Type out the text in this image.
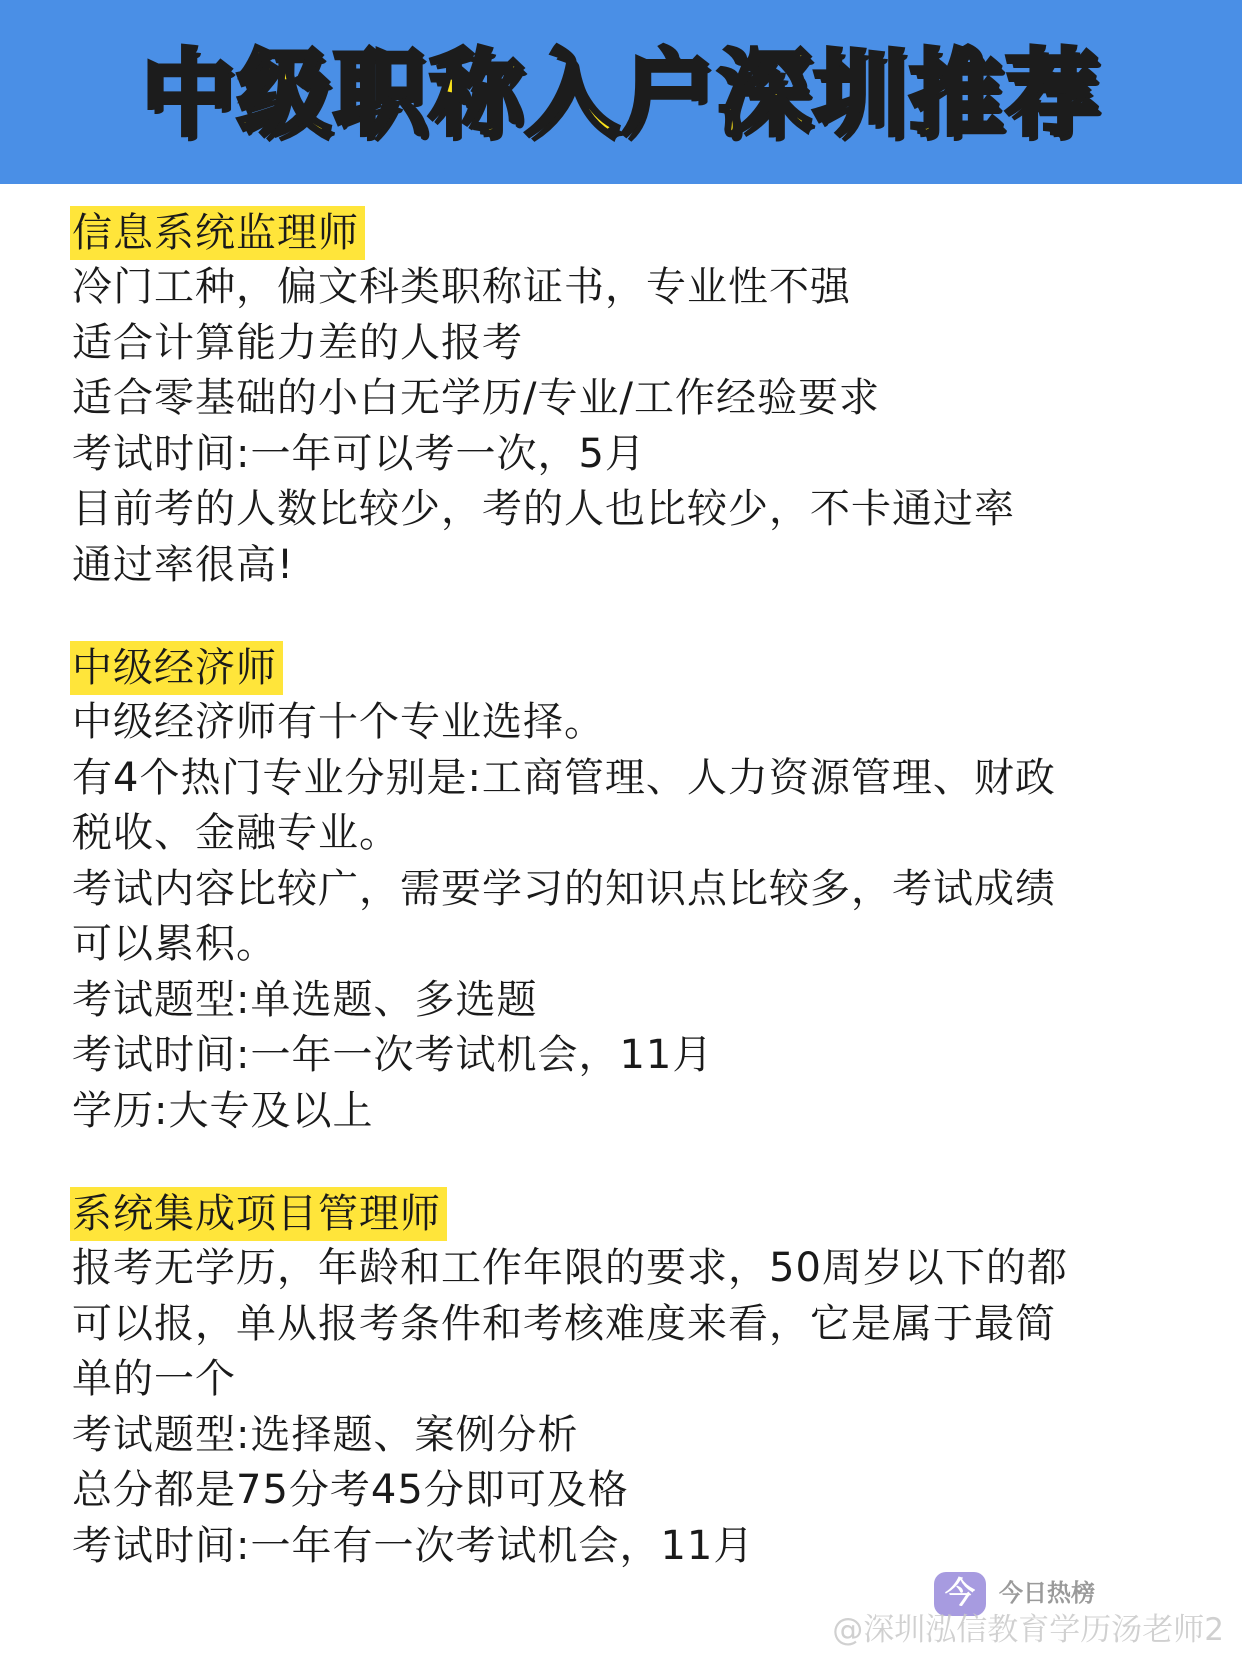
中级职称入户深圳推荐
信息系统监理师
冷门工种，偏文科类职称证书，专业性不强
适合计算能力差的人报考
适合零基础的小白无学历/专业/工作经验要求
考试时间:一年可以考一次，5月
目前考的人数比较少，考的人也比较少，不卡通过率
通过率很高!
中级经济师
中级经济师有十个专业选择。
有4个热门专业分别是:工商管理、人力资源管理、财政
税收、金融专业。
考试内容比较广，需要学习的知识点比较多，考试成绩
可以累积。
考试题型:单选题、多选题
考试时间:一年一次考试机会，11月
学历:大专及以上
系统集成项目管理师
报考无学历，年龄和工作年限的要求，50周岁以下的都
可以报，单从报考条件和考核难度来看，它是属于最简
单的一个
考试题型:选择题、案例分析
总分都是75分考45分即可及格
考试时间:一年有一次考试机会，11月
今	今日热榜
@深圳泓信教育学历汤老师2
